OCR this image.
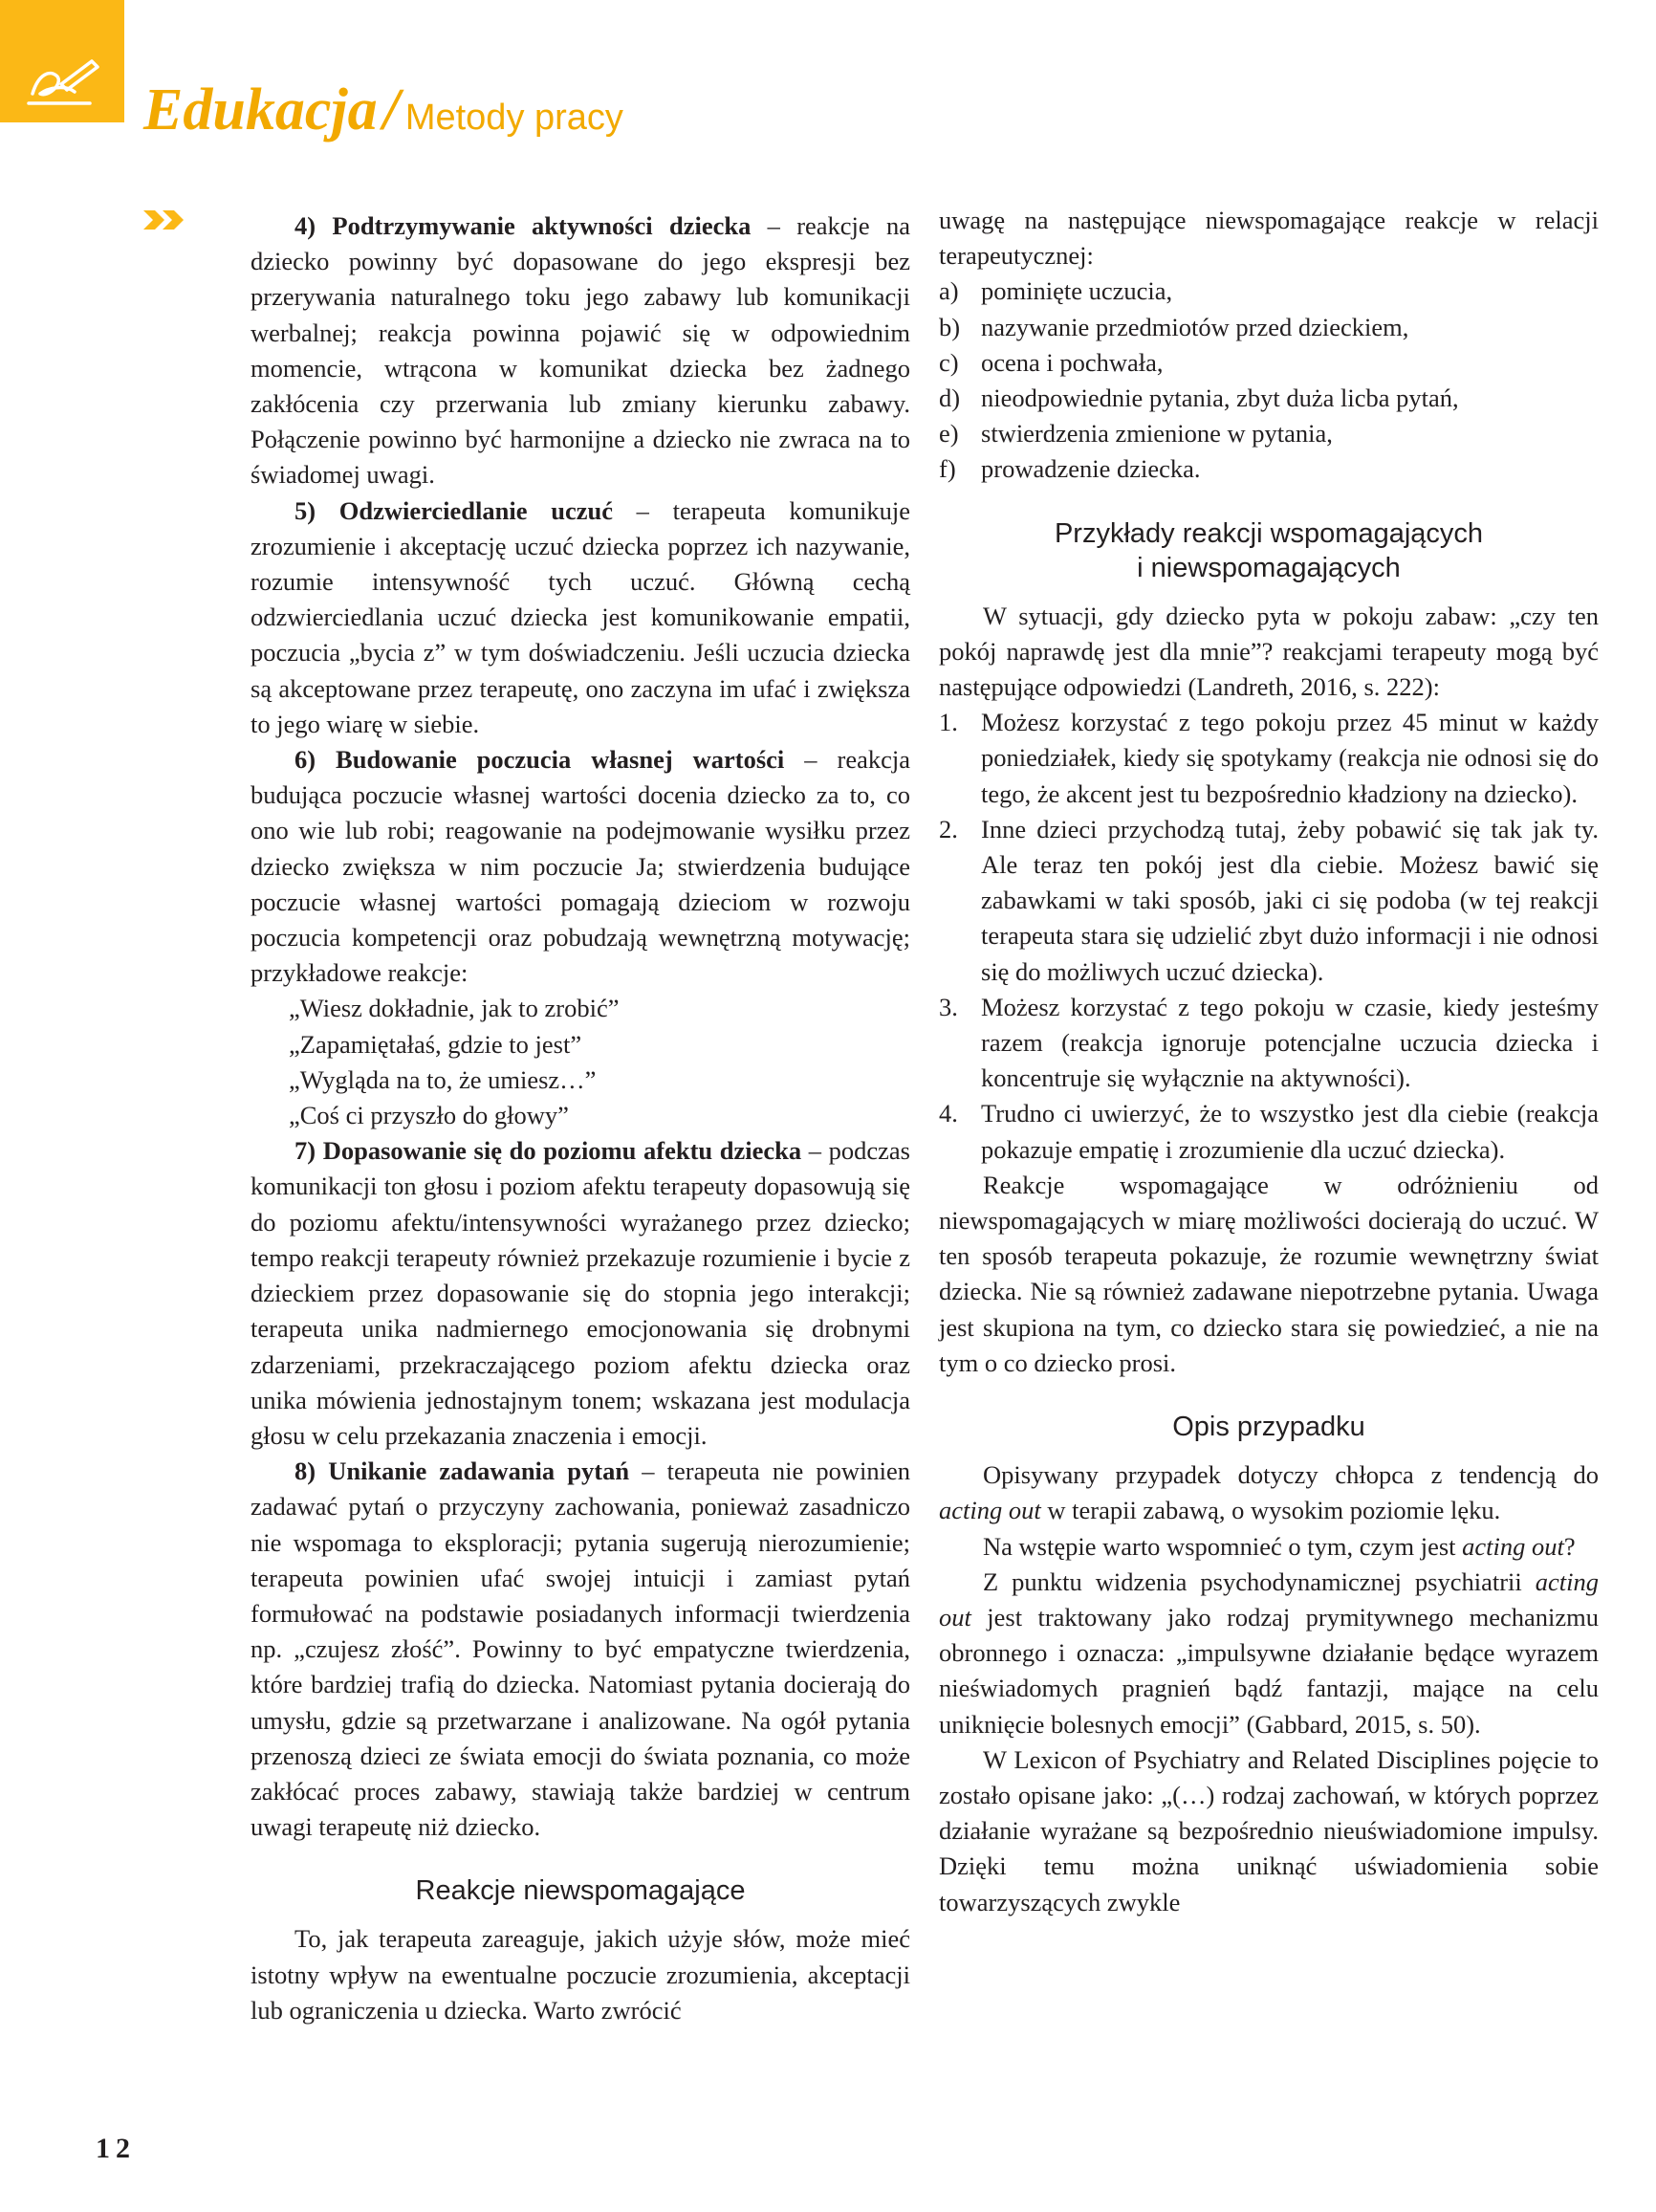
Edukacja / Metody pracy

4) Podtrzymywanie aktywności dziecka – reakcje na dziecko powinny być dopasowane do jego ekspresji bez przerywania naturalnego toku jego zabawy lub komunikacji werbalnej; reakcja powinna pojawić się w odpowiednim momencie, wtrącona w komunikat dziecka bez żadnego zakłócenia czy przerwania lub zmiany kierunku zabawy. Połączenie powinno być harmonijne a dziecko nie zwraca na to świadomej uwagi.

5) Odzwierciedlanie uczuć – terapeuta komunikuje zrozumienie i akceptację uczuć dziecka poprzez ich nazywanie, rozumie intensywność tych uczuć. Główną cechą odzwierciedlania uczuć dziecka jest komunikowanie empatii, poczucia „bycia z” w tym doświadczeniu. Jeśli uczucia dziecka są akceptowane przez terapeutę, ono zaczyna im ufać i zwiększa to jego wiarę w siebie.

6) Budowanie poczucia własnej wartości – reakcja budująca poczucie własnej wartości docenia dziecko za to, co ono wie lub robi; reagowanie na podejmowanie wysiłku przez dziecko zwiększa w nim poczucie Ja; stwierdzenia budujące poczucie własnej wartości pomagają dzieciom w rozwoju poczucia kompetencji oraz pobudzają wewnętrzną motywację; przykładowe reakcje:

„Wiesz dokładnie, jak to zrobić”
„Zapamiętałaś, gdzie to jest”
„Wygląda na to, że umiesz…”
„Coś ci przyszło do głowy”

7) Dopasowanie się do poziomu afektu dziecka – podczas komunikacji ton głosu i poziom afektu terapeuty dopasowują się do poziomu afektu/intensywności wyrażanego przez dziecko; tempo reakcji terapeuty również przekazuje rozumienie i bycie z dzieckiem przez dopasowanie się do stopnia jego interakcji; terapeuta unika nadmiernego emocjonowania się drobnymi zdarzeniami, przekraczającego poziom afektu dziecka oraz unika mówienia jednostajnym tonem; wskazana jest modulacja głosu w celu przekazania znaczenia i emocji.

8) Unikanie zadawania pytań – terapeuta nie powinien zadawać pytań o przyczyny zachowania, ponieważ zasadniczo nie wspomaga to eksploracji; pytania sugerują nierozumienie; terapeuta powinien ufać swojej intuicji i zamiast pytań formułować na podstawie posiadanych informacji twierdzenia np. „czujesz złość”. Powinny to być empatyczne twierdzenia, które bardziej trafią do dziecka. Natomiast pytania docierają do umysłu, gdzie są przetwarzane i analizowane. Na ogół pytania przenoszą dzieci ze świata emocji do świata poznania, co może zakłócać proces zabawy, stawiają także bardziej w centrum uwagi terapeutę niż dziecko.

Reakcje niewspomagające

To, jak terapeuta zareaguje, jakich użyje słów, może mieć istotny wpływ na ewentualne poczucie zrozumienia, akceptacji lub ograniczenia u dziecka. Warto zwrócić

uwagę na następujące niewspomagające reakcje w relacji terapeutycznej:

a) pominięte uczucia,
b) nazywanie przedmiotów przed dzieckiem,
c) ocena i pochwała,
d) nieodpowiednie pytania, zbyt duża licba pytań,
e) stwierdzenia zmienione w pytania,
f) prowadzenie dziecka.
Przykłady reakcji wspomagających
i niewspomagających

W sytuacji, gdy dziecko pyta w pokoju zabaw: „czy ten pokój naprawdę jest dla mnie”? reakcjami terapeuty mogą być następujące odpowiedzi (Landreth, 2016, s. 222):

1. Możesz korzystać z tego pokoju przez 45 minut w każdy poniedziałek, kiedy się spotykamy (reakcja nie odnosi się do tego, że akcent jest tu bezpośrednio kładziony na dziecko).
2. Inne dzieci przychodzą tutaj, żeby pobawić się tak jak ty. Ale teraz ten pokój jest dla ciebie. Możesz bawić się zabawkami w taki sposób, jaki ci się podoba (w tej reakcji terapeuta stara się udzielić zbyt dużo informacji i nie odnosi się do możliwych uczuć dziecka).
3. Możesz korzystać z tego pokoju w czasie, kiedy jesteśmy razem (reakcja ignoruje potencjalne uczucia dziecka i koncentruje się wyłącznie na aktywności).
4. Trudno ci uwierzyć, że to wszystko jest dla ciebie (reakcja pokazuje empatię i zrozumienie dla uczuć dziecka).

Reakcje wspomagające w odróżnieniu od niewspomagających w miarę możliwości docierają do uczuć. W ten sposób terapeuta pokazuje, że rozumie wewnętrzny świat dziecka. Nie są również zadawane niepotrzebne pytania. Uwaga jest skupiona na tym, co dziecko stara się powiedzieć, a nie na tym o co dziecko prosi.

Opis przypadku

Opisywany przypadek dotyczy chłopca z tendencją do acting out w terapii zabawą, o wysokim poziomie lęku.

Na wstępie warto wspomnieć o tym, czym jest acting out?

Z punktu widzenia psychodynamicznej psychiatrii acting out jest traktowany jako rodzaj prymitywnego mechanizmu obronnego i oznacza: „impulsywne działanie będące wyrazem nieświadomych pragnień bądź fantazji, mające na celu uniknięcie bolesnych emocji” (Gabbard, 2015, s. 50).

W Lexicon of Psychiatry and Related Disciplines pojęcie to zostało opisane jako: „(…) rodzaj zachowań, w których poprzez działanie wyrażane są bezpośrednio nieuświadomione impulsy. Dzięki temu można uniknąć uświadomienia sobie towarzyszących zwykle

12
